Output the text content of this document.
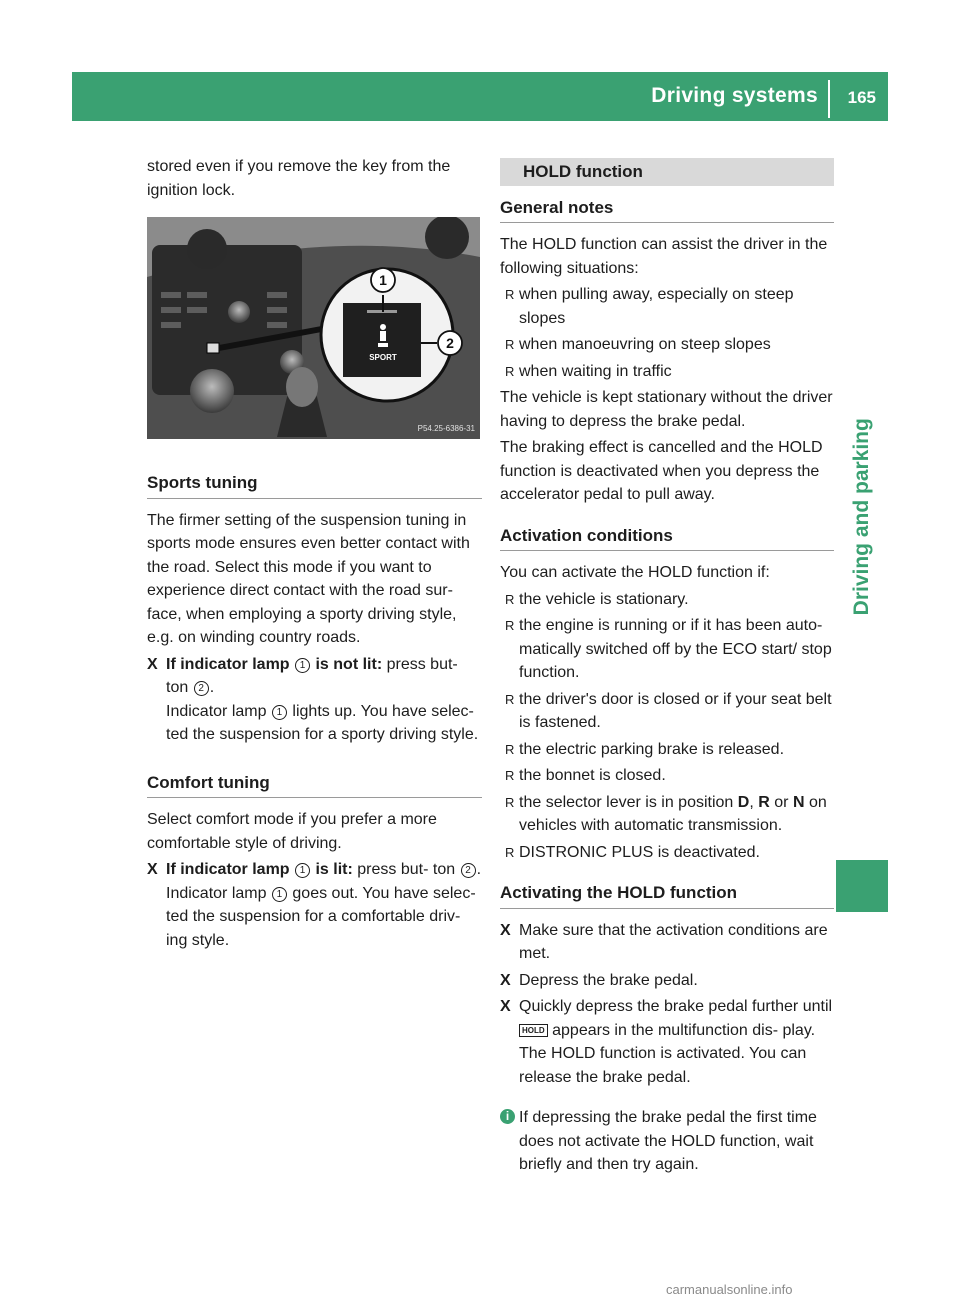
Driving systems 165
Driving and parking

stored even if you remove the key from the ignition lock.

SPORT
1
2
P54.25-6386-31
Sports tuning

The firmer setting of the suspension tuning in sports mode ensures even better contact with the road. Select this mode if you want to experience direct contact with the road sur- face, when employing a sporty driving style, e.g. on winding country roads.

X If indicator lamp 1 is not lit: press but- ton 2 .
Indicator lamp 1 lights up. You have selec- ted the suspension for a sporty driving style.
Comfort tuning

Select comfort mode if you prefer a more comfortable style of driving.

X If indicator lamp 1 is lit: press but- ton 2 .
Indicator lamp 1 goes out. You have selec- ted the suspension for a comfortable driv- ing style.
HOLD function
General notes

The HOLD function can assist the driver in the following situations:

R when pulling away, especially on steep slopes
R when manoeuvring on steep slopes
R when waiting in traffic

The vehicle is kept stationary without the driver having to depress the brake pedal.

The braking effect is cancelled and the HOLD function is deactivated when you depress the accelerator pedal to pull away.

Activation conditions

You can activate the HOLD function if:

R the vehicle is stationary.
R the engine is running or if it has been auto- matically switched off by the ECO start/ stop function.
R the driver's door is closed or if your seat belt is fastened.
R the electric parking brake is released.
R the bonnet is closed.
R the selector lever is in position D, R or N on vehicles with automatic transmission.
R DISTRONIC PLUS is deactivated.
Activating the HOLD function
X Make sure that the activation conditions are met.
X Depress the brake pedal.
X Quickly depress the brake pedal further until HOLD appears in the multifunction dis- play.
The HOLD function is activated. You can release the brake pedal.
i If depressing the brake pedal the first time does not activate the HOLD function, wait briefly and then try again.
carmanualsonline.info
